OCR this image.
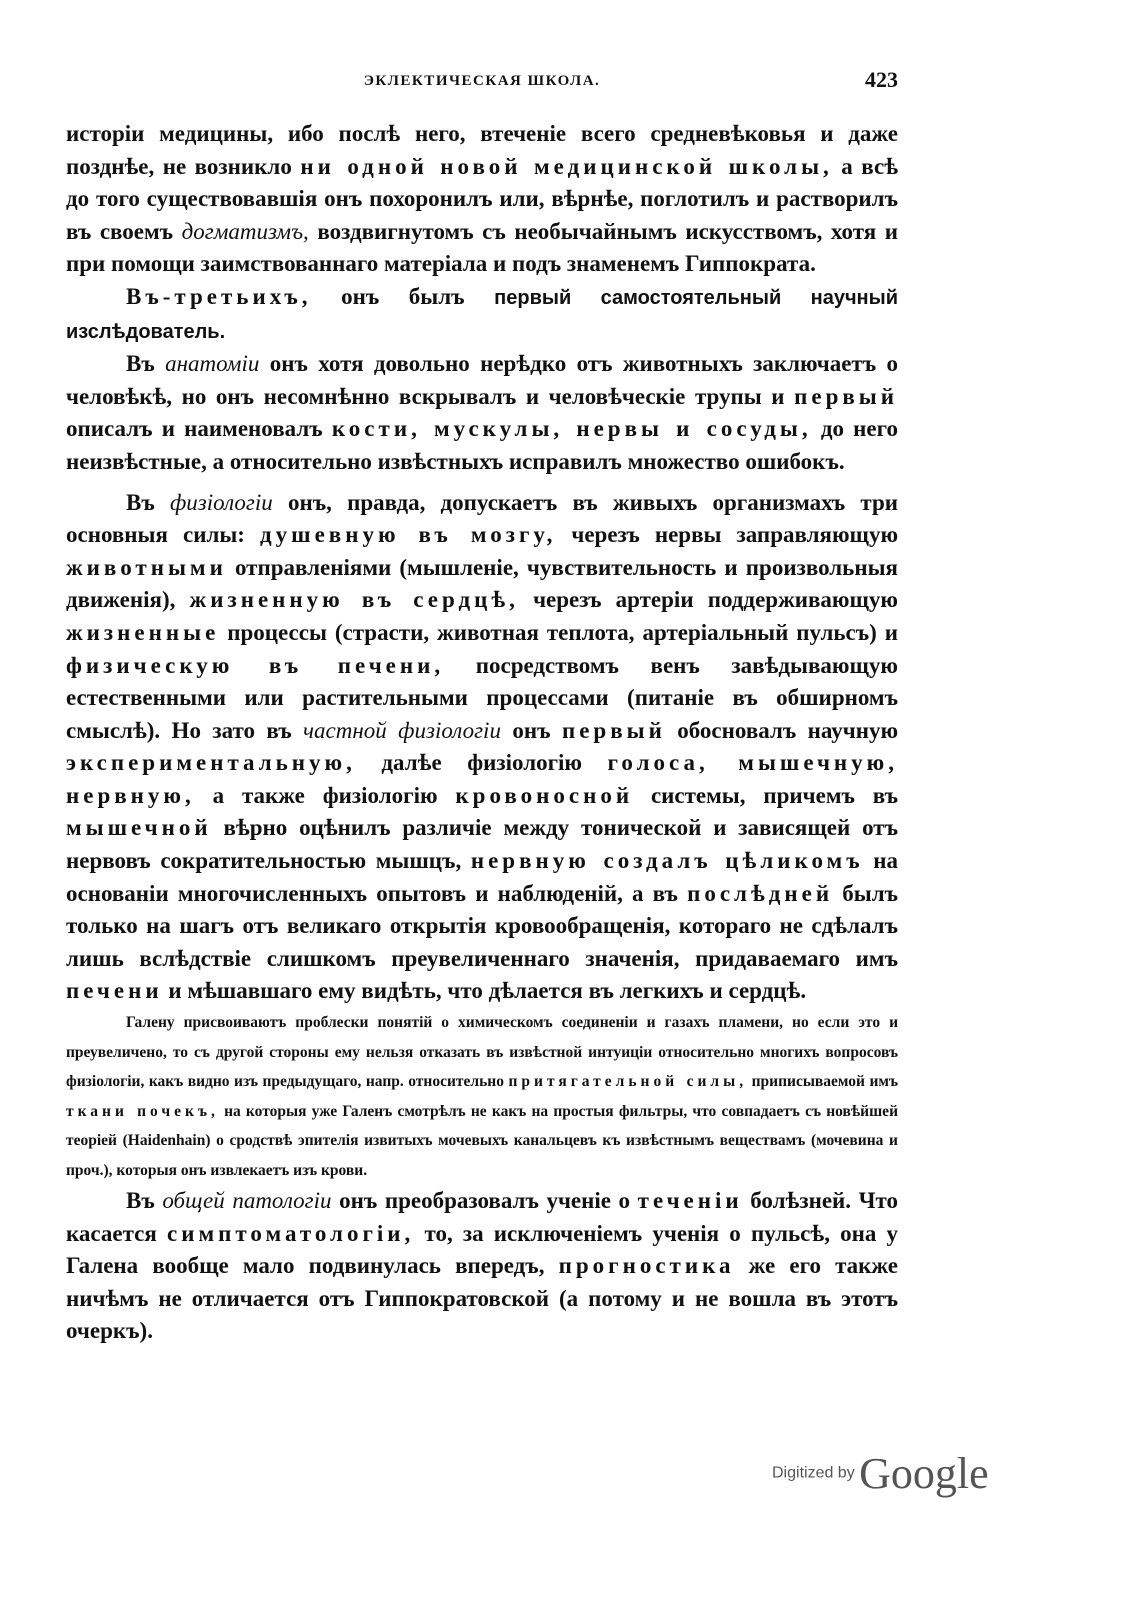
ЭКЛЕКТИЧЕСКАЯ ШКОЛА.	423

исторіи медицины, ибо послѣ него, втеченіе всего средневѣковья и даже позднѣе, не возникло ни одной новой медицинской школы, а всѣ до того существовавшія онъ похоронилъ или, вѣрнѣе, поглотилъ и растворилъ въ своемъ догматизмъ, воздвигнутомъ съ необычайнымъ искусствомъ, хотя и при помощи заимствованнаго матеріала и подъ знаменемъ Гиппократа.

Въ-третьихъ, онъ былъ первый самостоятельный научный изслѣдователь.

Въ анатоміи онъ хотя довольно нерѣдко отъ животныхъ заключаетъ о человѣкѣ, но онъ несомнѣнно вскрывалъ и человѣческіе трупы и первый описалъ и наименовалъ кости, мускулы, нервы и сосуды, до него неизвѣстные, а относительно извѣстныхъ исправилъ множество ошибокъ.

Въ физіологіи онъ, правда, допускаетъ въ живыхъ организмахъ три основныя силы: душевную въ мозгу, черезъ нервы заправляющую животными отправленіями (мышленіе, чувствительность и произвольныя движенія), жизненную въ сердцѣ, черезъ артеріи поддерживающую жизненные процессы (страсти, животная теплота, артеріальный пульсъ) и физическую въ печени, посредствомъ венъ завѣдывающую естественными или растительными процессами (питаніе въ обширномъ смыслѣ). Но зато въ частной физіологіи онъ первый обосновалъ научную экспериментальную, далѣе физіологію голоса, мышечную, нервную, а также физіологію кровоносной системы, причемъ въ мышечной вѣрно оцѣнилъ различіе между тонической и зависящей отъ нервовъ сократительностью мышцъ, нервную создалъ цѣликомъ на основаніи многочисленныхъ опытовъ и наблюденій, а въ послѣдней былъ только на шагъ отъ великаго открытія кровообращенія, котораго не сдѣлалъ лишь вслѣдствіе слишкомъ преувеличеннаго значенія, придаваемаго имъ печени и мѣшавшаго ему видѣть, что дѣлается въ легкихъ и сердцѣ.

Галену присвоиваютъ проблески понятій о химическомъ соединеніи и газахъ пламени, но если это и преувеличено, то съ другой стороны ему нельзя отказать въ извѣстной интуиціи относительно многихъ вопросовъ физіологіи, какъ видно изъ предыдущаго, напр. относительно притягательной силы, приписываемой имъ ткани почекъ, на которыя уже Галенъ смотрѣлъ не какъ на простыя фильтры, что совпадаетъ съ новѣйшей теоріей (Haidenhain) о сродствѣ эпителія извитыхъ мочевыхъ канальцевъ къ извѣстнымъ веществамъ (мочевина и проч.), которыя онъ извлекаетъ изъ крови.

Въ общей патологіи онъ преобразовалъ ученіе о теченіи болѣзней. Что касается симптоматологіи, то, за исключеніемъ ученія о пульсѣ, она у Галена вообще мало подвинулась впередъ, прогностика же его также ничѣмъ не отличается отъ Гиппократовской (а потому и не вошла въ этотъ очеркъ).

Digitized by Google
